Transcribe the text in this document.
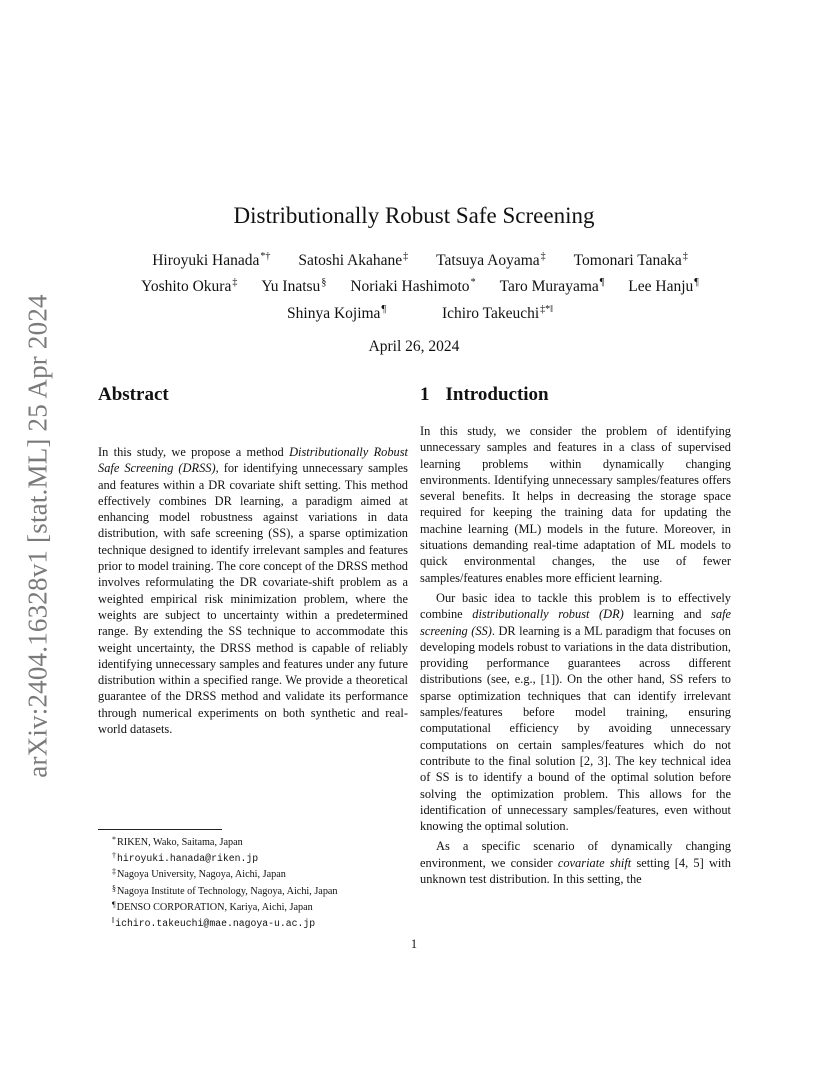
arXiv:2404.16328v1 [stat.ML] 25 Apr 2024
Distributionally Robust Safe Screening
Hiroyuki Hanada*† Satoshi Akahane‡ Tatsuya Aoyama‡ Tomonari Tanaka‡
Yoshito Okura‡ Yu Inatsu§ Noriaki Hashimoto* Taro Murayama¶ Lee Hanju¶
Shinya Kojima¶	Ichiro Takeuchi‡*‖
April 26, 2024
Abstract

In this study, we propose a method Distributionally Robust Safe Screening (DRSS), for identifying unnecessary samples and features within a DR covariate shift setting. This method effectively combines DR learning, a paradigm aimed at enhancing model robustness against variations in data distribution, with safe screening (SS), a sparse optimization technique designed to identify irrelevant samples and features prior to model training. The core concept of the DRSS method involves reformulating the DR covariate-shift problem as a weighted empirical risk minimization problem, where the weights are subject to uncertainty within a predetermined range. By extending the SS technique to accommodate this weight uncertainty, the DRSS method is capable of reliably identifying unnecessary samples and features under any future distribution within a specified range. We provide a theoretical guarantee of the DRSS method and validate its performance through numerical experiments on both synthetic and real-world datasets.

1 Introduction

In this study, we consider the problem of identifying unnecessary samples and features in a class of supervised learning problems within dynamically changing environments. Identifying unnecessary samples/features offers several benefits. It helps in decreasing the storage space required for keeping the training data for updating the machine learning (ML) models in the future. Moreover, in situations demanding real-time adaptation of ML models to quick environmental changes, the use of fewer samples/features enables more efficient learning.

Our basic idea to tackle this problem is to effectively combine distributionally robust (DR) learning and safe screening (SS). DR learning is a ML paradigm that focuses on developing models robust to variations in the data distribution, providing performance guarantees across different distributions (see, e.g., [1]). On the other hand, SS refers to sparse optimization techniques that can identify irrelevant samples/features before model training, ensuring computational efficiency by avoiding unnecessary computations on certain samples/features which do not contribute to the final solution [2, 3]. The key technical idea of SS is to identify a bound of the optimal solution before solving the optimization problem. This allows for the identification of unnecessary samples/features, even without knowing the optimal solution.

As a specific scenario of dynamically changing environment, we consider covariate shift setting [4, 5] with unknown test distribution. In this setting, the

*RIKEN, Wako, Saitama, Japan
†hiroyuki.hanada@riken.jp
‡Nagoya University, Nagoya, Aichi, Japan
§Nagoya Institute of Technology, Nagoya, Aichi, Japan
¶DENSO CORPORATION, Kariya, Aichi, Japan
‖ichiro.takeuchi@mae.nagoya-u.ac.jp
1
